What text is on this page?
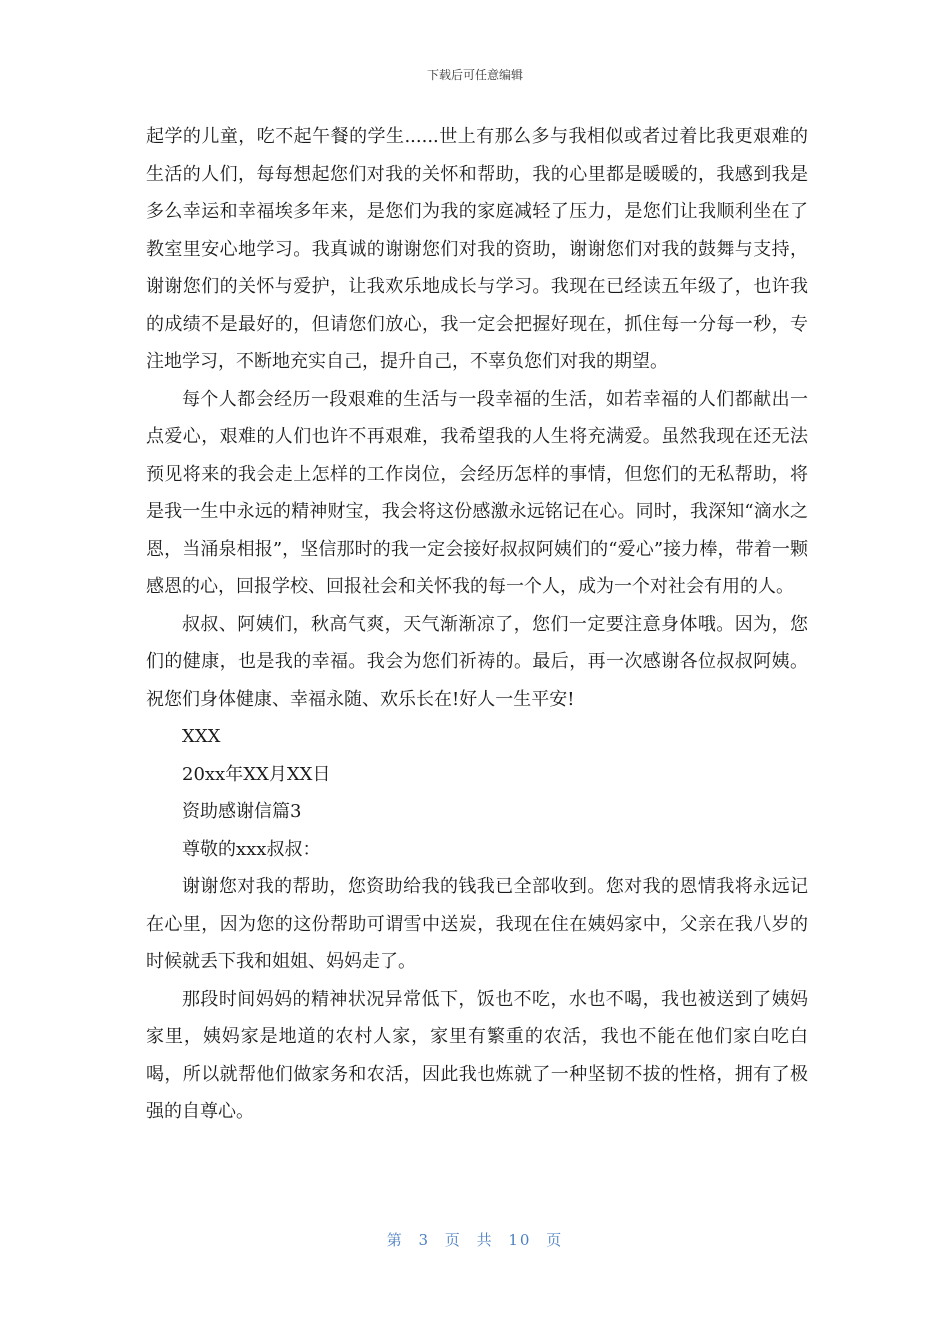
下载后可任意编辑

起学的儿童，吃不起午餐的学生......世上有那么多与我相似或者过着比我更艰难的生活的人们，每每想起您们对我的关怀和帮助，我的心里都是暖暖的，我感到我是多么幸运和幸福埃多年来，是您们为我的家庭减轻了压力，是您们让我顺利坐在了教室里安心地学习。我真诚的谢谢您们对我的资助，谢谢您们对我的鼓舞与支持，谢谢您们的关怀与爱护，让我欢乐地成长与学习。我现在已经读五年级了，也许我的成绩不是最好的，但请您们放心，我一定会把握好现在，抓住每一分每一秒，专注地学习，不断地充实自己，提升自己，不辜负您们对我的期望。

每个人都会经历一段艰难的生活与一段幸福的生活，如若幸福的人们都献出一点爱心，艰难的人们也许不再艰难，我希望我的人生将充满爱。虽然我现在还无法预见将来的我会走上怎样的工作岗位，会经历怎样的事情，但您们的无私帮助，将是我一生中永远的精神财宝，我会将这份感激永远铭记在心。同时，我深知“滴水之恩，当涌泉相报”，坚信那时的我一定会接好叔叔阿姨们的“爱心”接力棒，带着一颗感恩的心，回报学校、回报社会和关怀我的每一个人，成为一个对社会有用的人。

叔叔、阿姨们，秋高气爽，天气渐渐凉了，您们一定要注意身体哦。因为，您们的健康，也是我的幸福。我会为您们祈祷的。最后，再一次感谢各位叔叔阿姨。祝您们身体健康、幸福永随、欢乐长在!好人一生平安!

XXX

20xx年XX月XX日

资助感谢信篇3

尊敬的xxx叔叔：

谢谢您对我的帮助，您资助给我的钱我已全部收到。您对我的恩情我将永远记在心里，因为您的这份帮助可谓雪中送炭，我现在住在姨妈家中，父亲在我八岁的时候就丢下我和姐姐、妈妈走了。

那段时间妈妈的精神状况异常低下，饭也不吃，水也不喝，我也被送到了姨妈家里，姨妈家是地道的农村人家，家里有繁重的农活，我也不能在他们家白吃白喝，所以就帮他们做家务和农活，因此我也炼就了一种坚韧不拔的性格，拥有了极强的自尊心。

第 3 页 共 10 页
